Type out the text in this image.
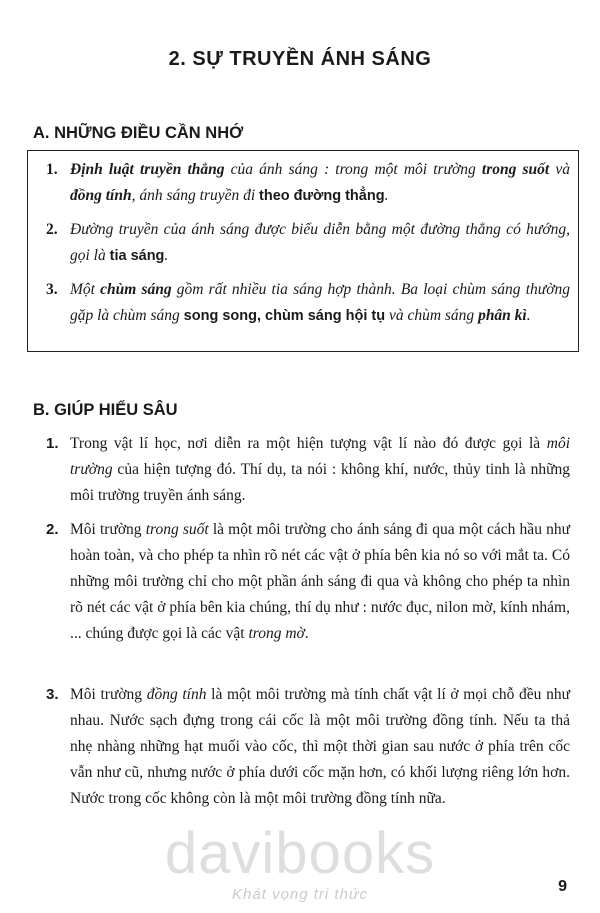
2. SỰ TRUYỀN ÁNH SÁNG
A. NHỮNG ĐIỀU CẦN NHỚ
1. Định luật truyền thẳng của ánh sáng : trong một môi trường trong suốt và đồng tính, ánh sáng truyền đi theo đường thẳng.
2. Đường truyền của ánh sáng được biểu diễn bằng một đường thẳng có hướng, gọi là tia sáng.
3. Một chùm sáng gồm rất nhiều tia sáng hợp thành. Ba loại chùm sáng thường gặp là chùm sáng song song, chùm sáng hội tụ và chùm sáng phân kì.
B. GIÚP HIỂU SÂU
1. Trong vật lí học, nơi diễn ra một hiện tượng vật lí nào đó được gọi là môi trường của hiện tượng đó. Thí dụ, ta nói : không khí, nước, thủy tinh là những môi trường truyền ánh sáng.
2. Môi trường trong suốt là một môi trường cho ánh sáng đi qua một cách hầu như hoàn toàn, và cho phép ta nhìn rõ nét các vật ở phía bên kia nó so với mắt ta. Có những môi trường chỉ cho một phần ánh sáng đi qua và không cho phép ta nhìn rõ nét các vật ở phía bên kia chúng, thí dụ như : nước đục, nilon mờ, kính nhám, ... chúng được gọi là các vật trong mờ.
3. Môi trường đồng tính là một môi trường mà tính chất vật lí ở mọi chỗ đều như nhau. Nước sạch đựng trong cái cốc là một môi trường đồng tính. Nếu ta thả nhẹ nhàng những hạt muối vào cốc, thì một thời gian sau nước ở phía trên cốc vẫn như cũ, nhưng nước ở phía dưới cốc mặn hơn, có khối lượng riêng lớn hơn. Nước trong cốc không còn là một môi trường đồng tính nữa.
davibooks
Khát vọng tri thức	9
